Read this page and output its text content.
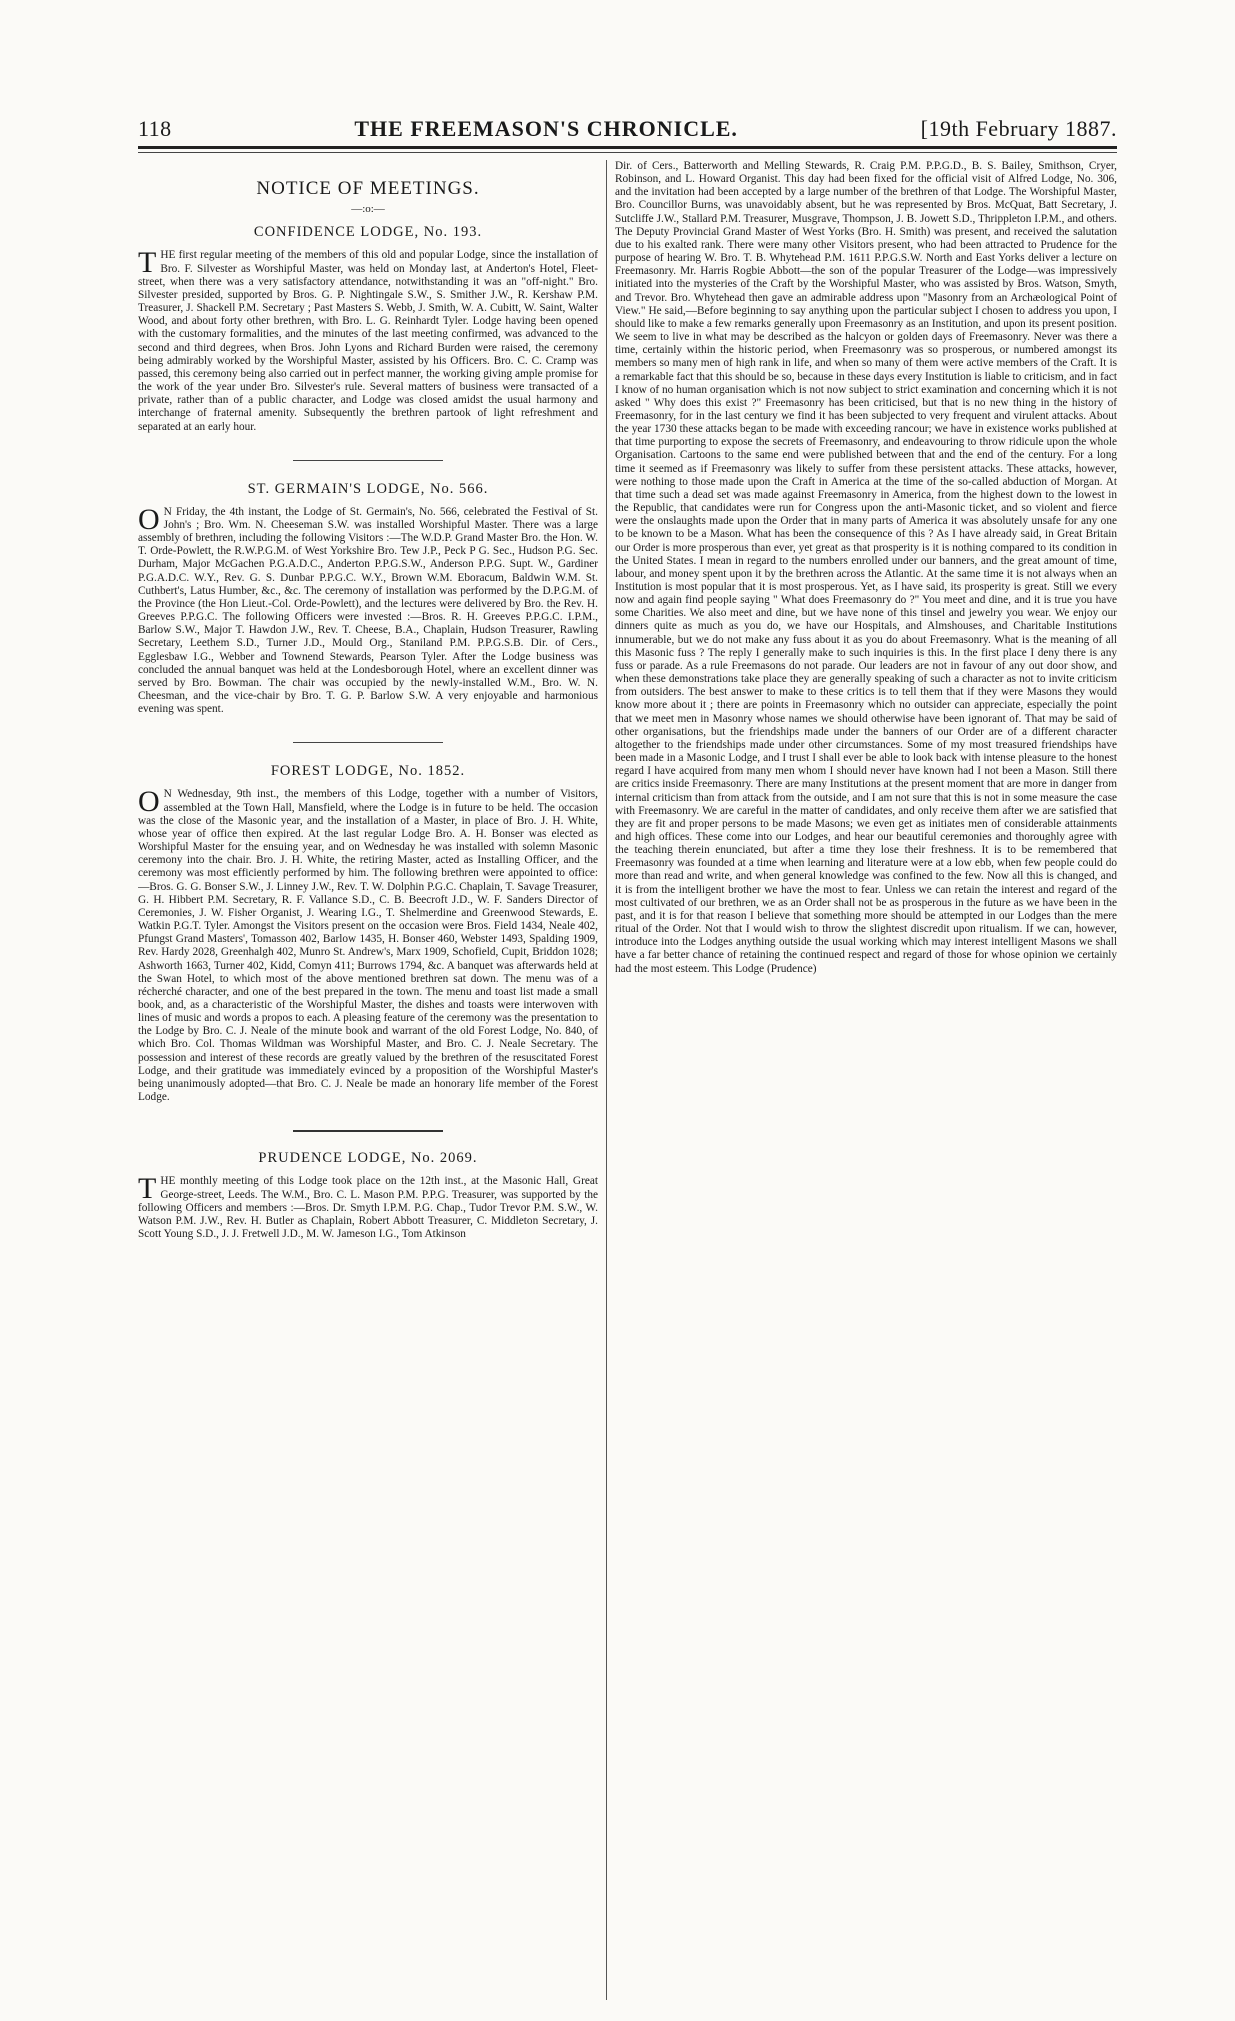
118	THE FREEMASON'S CHRONICLE.	[19th February 1887.
NOTICE OF MEETINGS.
—:o:—
CONFIDENCE LODGE, No. 193.

THE first regular meeting of the members of this old and popular Lodge, since the installation of Bro. F. Silvester as Worshipful Master, was held on Monday last, at Anderton's Hotel, Fleet-street, when there was a very satisfactory attendance, notwithstanding it was an "off-night." Bro. Silvester presided, supported by Bros. G. P. Nightingale S.W., S. Smither J.W., R. Kershaw P.M. Treasurer, J. Shackell P.M. Secretary ; Past Masters S. Webb, J. Smith, W. A. Cubitt, W. Saint, Walter Wood, and about forty other brethren, with Bro. L. G. Reinhardt Tyler. Lodge having been opened with the customary formalities, and the minutes of the last meeting confirmed, was advanced to the second and third degrees, when Bros. John Lyons and Richard Burden were raised, the ceremony being admirably worked by the Worshipful Master, assisted by his Officers. Bro. C. C. Cramp was passed, this ceremony being also carried out in perfect manner, the working giving ample promise for the work of the year under Bro. Silvester's rule. Several matters of business were transacted of a private, rather than of a public character, and Lodge was closed amidst the usual harmony and interchange of fraternal amenity. Subsequently the brethren partook of light refreshment and separated at an early hour.

ST. GERMAIN'S LODGE, No. 566.

O N Friday, the 4th instant, the Lodge of St. Germain's, No. 566, celebrated the Festival of St. John's ; Bro. Wm. N. Cheeseman S.W. was installed Worshipful Master. There was a large assembly of brethren, including the following Visitors :—The W.D.P. Grand Master Bro. the Hon. W. T. Orde-Powlett, the R.W.P.G.M. of West Yorkshire Bro. Tew J.P., Peck P G. Sec., Hudson P.G. Sec. Durham, Major McGachen P.G.A.D.C., Anderton P.P.G.S.W., Anderson P.P.G. Supt. W., Gardiner P.G.A.D.C. W.Y., Rev. G. S. Dunbar P.P.G.C. W.Y., Brown W.M. Eboracum, Baldwin W.M. St. Cuthbert's, Latus Humber, &c., &c. The ceremony of installation was performed by the D.P.G.M. of the Province (the Hon Lieut.-Col. Orde-Powlett), and the lectures were delivered by Bro. the Rev. H. Greeves P.P.G.C. The following Officers were invested :—Bros. R. H. Greeves P.P.G.C. I.P.M., Barlow S.W., Major T. Hawdon J.W., Rev. T. Cheese, B.A., Chaplain, Hudson Treasurer, Rawling Secretary, Leethem S.D., Turner J.D., Mould Org., Staniland P.M. P.P.G.S.B. Dir. of Cers., Egglesbaw I.G., Webber and Townend Stewards, Pearson Tyler. After the Lodge business was concluded the annual banquet was held at the Londesborough Hotel, where an excellent dinner was served by Bro. Bowman. The chair was occupied by the newly-installed W.M., Bro. W. N. Cheesman, and the vice-chair by Bro. T. G. P. Barlow S.W. A very enjoyable and harmonious evening was spent.

FOREST LODGE, No. 1852.

O N Wednesday, 9th inst., the members of this Lodge, together with a number of Visitors, assembled at the Town Hall, Mansfield, where the Lodge is in future to be held. The occasion was the close of the Masonic year, and the installation of a Master, in place of Bro. J. H. White, whose year of office then expired. At the last regular Lodge Bro. A. H. Bonser was elected as Worshipful Master for the ensuing year, and on Wednesday he was installed with solemn Masonic ceremony into the chair. Bro. J. H. White, the retiring Master, acted as Installing Officer, and the ceremony was most efficiently performed by him. The following brethren were appointed to office:—Bros. G. G. Bonser S.W., J. Linney J.W., Rev. T. W. Dolphin P.G.C. Chaplain, T. Savage Treasurer, G. H. Hibbert P.M. Secretary, R. F. Vallance S.D., C. B. Beecroft J.D., W. F. Sanders Director of Ceremonies, J. W. Fisher Organist, J. Wearing I.G., T. Shelmerdine and Greenwood Stewards, E. Watkin P.G.T. Tyler. Amongst the Visitors present on the occasion were Bros. Field 1434, Neale 402, Pfungst Grand Masters', Tomasson 402, Barlow 1435, H. Bonser 460, Webster 1493, Spalding 1909, Rev. Hardy 2028, Greenhalgh 402, Munro St. Andrew's, Marx 1909, Schofield, Cupit, Briddon 1028; Ashworth 1663, Turner 402, Kidd, Comyn 411; Burrows 1794, &c. A banquet was afterwards held at the Swan Hotel, to which most of the above mentioned brethren sat down. The menu was of a récherché character, and one of the best prepared in the town. The menu and toast list made a small book, and, as a characteristic of the Worshipful Master, the dishes and toasts were interwoven with lines of music and words a propos to each. A pleasing feature of the ceremony was the presentation to the Lodge by Bro. C. J. Neale of the minute book and warrant of the old Forest Lodge, No. 840, of which Bro. Col. Thomas Wildman was Worshipful Master, and Bro. C. J. Neale Secretary. The possession and interest of these records are greatly valued by the brethren of the resuscitated Forest Lodge, and their gratitude was immediately evinced by a proposition of the Worshipful Master's being unanimously adopted—that Bro. C. J. Neale be made an honorary life member of the Forest Lodge.

PRUDENCE LODGE, No. 2069.

THE monthly meeting of this Lodge took place on the 12th inst., at the Masonic Hall, Great George-street, Leeds. The W.M., Bro. C. L. Mason P.M. P.P.G. Treasurer, was supported by the following Officers and members :—Bros. Dr. Smyth I.P.M. P.G. Chap., Tudor Trevor P.M. S.W., W. Watson P.M. J.W., Rev. H. Butler as Chaplain, Robert Abbott Treasurer, C. Middleton Secretary, J. Scott Young S.D., J. J. Fretwell J.D., M. W. Jameson I.G., Tom Atkinson

Dir. of Cers., Batterworth and Melling Stewards, R. Craig P.M. P.P.G.D., B. S. Bailey, Smithson, Cryer, Robinson, and L. Howard Organist. This day had been fixed for the official visit of Alfred Lodge, No. 306, and the invitation had been accepted by a large number of the brethren of that Lodge. The Worshipful Master, Bro. Councillor Burns, was unavoidably absent, but he was represented by Bros. McQuat, Batt Secretary, J. Sutcliffe J.W., Stallard P.M. Treasurer, Musgrave, Thompson, J. B. Jowett S.D., Thrippleton I.P.M., and others. The Deputy Provincial Grand Master of West Yorks (Bro. H. Smith) was present, and received the salutation due to his exalted rank. There were many other Visitors present, who had been attracted to Prudence for the purpose of hearing W. Bro. T. B. Whytehead P.M. 1611 P.P.G.S.W. North and East Yorks deliver a lecture on Freemasonry. Mr. Harris Rogbie Abbott—the son of the popular Treasurer of the Lodge—was impressively initiated into the mysteries of the Craft by the Worshipful Master, who was assisted by Bros. Watson, Smyth, and Trevor. Bro. Whytehead then gave an admirable address upon "Masonry from an Archæological Point of View." He said,—Before beginning to say anything upon the particular subject I chosen to address you upon, I should like to make a few remarks generally upon Freemasonry as an Institution, and upon its present position. We seem to live in what may be described as the halcyon or golden days of Freemasonry. Never was there a time, certainly within the historic period, when Freemasonry was so prosperous, or numbered amongst its members so many men of high rank in life, and when so many of them were active members of the Craft. It is a remarkable fact that this should be so, because in these days every Institution is liable to criticism, and in fact I know of no human organisation which is not now subject to strict examination and concerning which it is not asked " Why does this exist ?" Freemasonry has been criticised, but that is no new thing in the history of Freemasonry, for in the last century we find it has been subjected to very frequent and virulent attacks. About the year 1730 these attacks began to be made with exceeding rancour; we have in existence works published at that time purporting to expose the secrets of Freemasonry, and endeavouring to throw ridicule upon the whole Organisation. Cartoons to the same end were published between that and the end of the century. For a long time it seemed as if Freemasonry was likely to suffer from these persistent attacks. These attacks, however, were nothing to those made upon the Craft in America at the time of the so-called abduction of Morgan. At that time such a dead set was made against Freemasonry in America, from the highest down to the lowest in the Republic, that candidates were run for Congress upon the anti-Masonic ticket, and so violent and fierce were the onslaughts made upon the Order that in many parts of America it was absolutely unsafe for any one to be known to be a Mason. What has been the consequence of this ? As I have already said, in Great Britain our Order is more prosperous than ever, yet great as that prosperity is it is nothing compared to its condition in the United States. I mean in regard to the numbers enrolled under our banners, and the great amount of time, labour, and money spent upon it by the brethren across the Atlantic. At the same time it is not always when an Institution is most popular that it is most prosperous. Yet, as I have said, its prosperity is great. Still we every now and again find people saying " What does Freemasonry do ?" You meet and dine, and it is true you have some Charities. We also meet and dine, but we have none of this tinsel and jewelry you wear. We enjoy our dinners quite as much as you do, we have our Hospitals, and Almshouses, and Charitable Institutions innumerable, but we do not make any fuss about it as you do about Freemasonry. What is the meaning of all this Masonic fuss ? The reply I generally make to such inquiries is this. In the first place I deny there is any fuss or parade. As a rule Freemasons do not parade. Our leaders are not in favour of any out door show, and when these demonstrations take place they are generally speaking of such a character as not to invite criticism from outsiders. The best answer to make to these critics is to tell them that if they were Masons they would know more about it ; there are points in Freemasonry which no outsider can appreciate, especially the point that we meet men in Masonry whose names we should otherwise have been ignorant of. That may be said of other organisations, but the friendships made under the banners of our Order are of a different character altogether to the friendships made under other circumstances. Some of my most treasured friendships have been made in a Masonic Lodge, and I trust I shall ever be able to look back with intense pleasure to the honest regard I have acquired from many men whom I should never have known had I not been a Mason. Still there are critics inside Freemasonry. There are many Institutions at the present moment that are more in danger from internal criticism than from attack from the outside, and I am not sure that this is not in some measure the case with Freemasonry. We are careful in the matter of candidates, and only receive them after we are satisfied that they are fit and proper persons to be made Masons; we even get as initiates men of considerable attainments and high offices. These come into our Lodges, and hear our beautiful ceremonies and thoroughly agree with the teaching therein enunciated, but after a time they lose their freshness. It is to be remembered that Freemasonry was founded at a time when learning and literature were at a low ebb, when few people could do more than read and write, and when general knowledge was confined to the few. Now all this is changed, and it is from the intelligent brother we have the most to fear. Unless we can retain the interest and regard of the most cultivated of our brethren, we as an Order shall not be as prosperous in the future as we have been in the past, and it is for that reason I believe that something more should be attempted in our Lodges than the mere ritual of the Order. Not that I would wish to throw the slightest discredit upon ritualism. If we can, however, introduce into the Lodges anything outside the usual working which may interest intelligent Masons we shall have a far better chance of retaining the continued respect and regard of those for whose opinion we certainly had the most esteem. This Lodge (Prudence)
